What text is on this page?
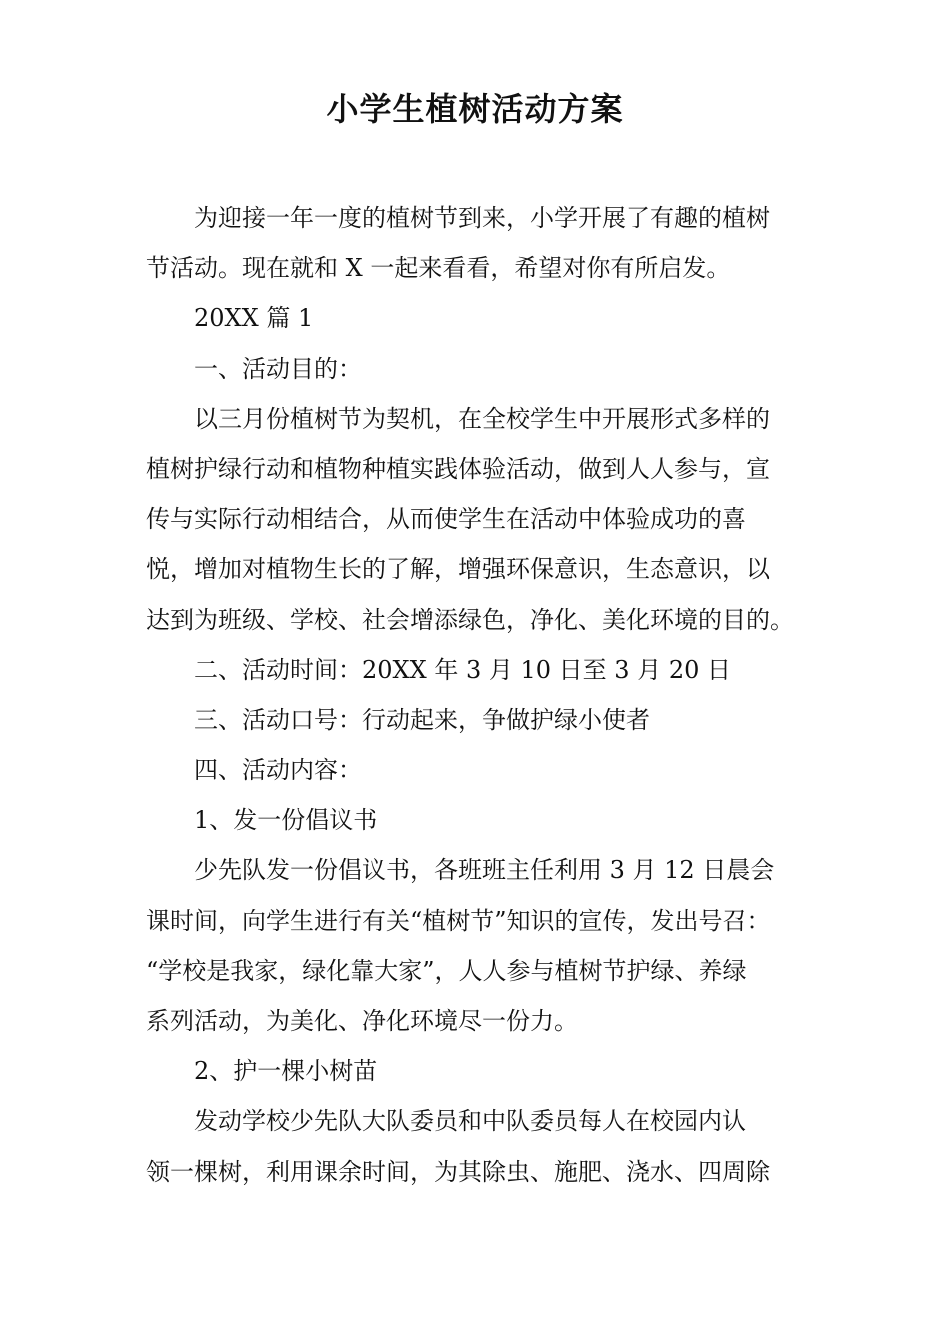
小学生植树活动方案
为迎接一年一度的植树节到来，小学开展了有趣的植树
节活动。现在就和 X 一起来看看，希望对你有所启发。
20XX 篇 1
一、活动目的：
以三月份植树节为契机，在全校学生中开展形式多样的
植树护绿行动和植物种植实践体验活动，做到人人参与，宣
传与实际行动相结合，从而使学生在活动中体验成功的喜
悦，增加对植物生长的了解，增强环保意识，生态意识，以
达到为班级、学校、社会增添绿色，净化、美化环境的目的。
二、活动时间：20XX 年 3 月 10 日至 3 月 20 日
三、活动口号：行动起来，争做护绿小使者
四、活动内容：
1、发一份倡议书
少先队发一份倡议书，各班班主任利用 3 月 12 日晨会
课时间，向学生进行有关“植树节”知识的宣传，发出号召：
“学校是我家，绿化靠大家”，人人参与植树节护绿、养绿
系列活动，为美化、净化环境尽一份力。
2、护一棵小树苗
发动学校少先队大队委员和中队委员每人在校园内认
领一棵树，利用课余时间，为其除虫、施肥、浇水、四周除
